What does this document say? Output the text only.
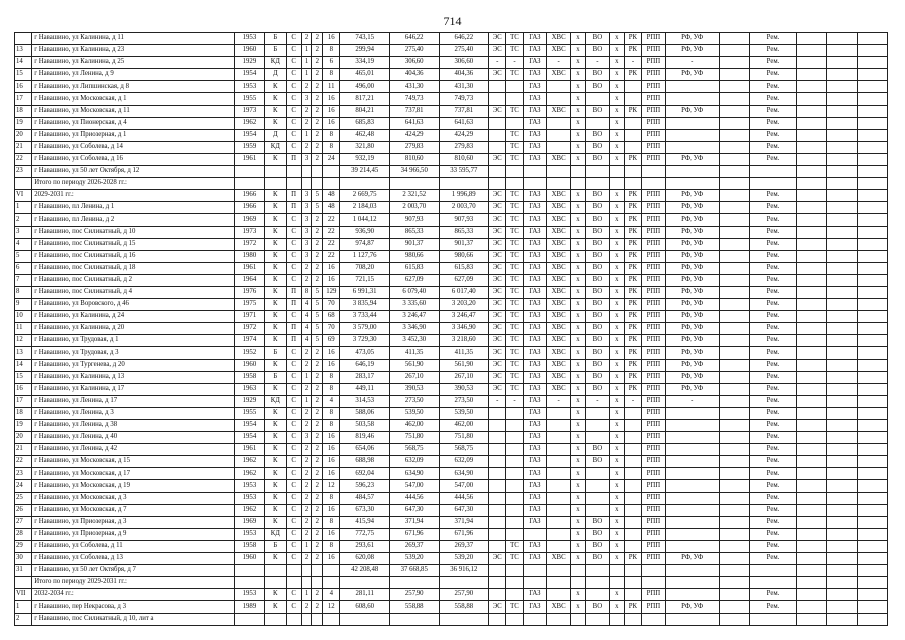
714
	г Навашино, ул Калинина, д 11	1953	Б	С	2	2	16	743,15	646,22	646,22	ЭС	ТС	ГАЗ	ХВС	х	ВО	х	РК	РПП	РФ, УФ		Рем.			
13	г Навашино, ул Калинина, д 23	1960	Б	С	1	2	8	299,94	275,40	275,40	ЭС	ТС	ГАЗ	ХВС	х	ВО	х	РК	РПП	РФ, УФ		Рем.			
14	г Навашино, ул Калинина, д 25	1929	КД	С	1	2	6	334,19	306,60	306,60	-	-	ГАЗ	-	х	-	х	-	РПП	-		Рем.			
15	г Навашино, ул Ленина, д 9	1954	Д	С	1	2	8	465,01	404,36	404,36	ЭС	ТС	ГАЗ	ХВС	х	ВО	х	РК	РПП	РФ, УФ		Рем.			
16	г Навашино, ул Липшинская, д 8	1953	К	С	2	2	11	496,00	431,30	431,30			ГАЗ		х	ВО	х		РПП			Рем.			
17	г Навашино, ул Московская, д 1	1955	К	С	3	2	16	817,21	749,73	749,73			ГАЗ		х		х		РПП			Рем.			
18	г Навашино, ул Московская, д 11	1973	К	С	2	2	16	804,21	737,81	737,81	ЭС	ТС	ГАЗ	ХВС	х	ВО	х	РК	РПП	РФ, УФ		Рем.			
19	г Навашино, ул Пионерская, д 4	1962	К	С	2	2	16	685,83	641,63	641,63			ГАЗ		х		х		РПП			Рем.			
20	г Навашино, ул Приозерная, д 1	1954	Д	С	1	2	8	462,48	424,29	424,29		ТС	ГАЗ		х	ВО	х		РПП			Рем.			
21	г Навашино, ул Соболева, д 14	1959	КД	С	2	2	8	321,80	279,83	279,83		ТС	ГАЗ		х	ВО	х		РПП			Рем.			
22	г Навашино, ул Соболева, д 16	1961	К	П	3	2	24	932,19	810,60	810,60	ЭС	ТС	ГАЗ	ХВС	х	ВО	х	РК	РПП	РФ, УФ		Рем.			
23	г Навашино, ул 50 лет Октября, д 12							39 214,45	34 966,50	33 595,77															
	Итого по периоду 2026-2028 гг.:																								
VI	2029-2031 гг.:	1966	К	П	3	5	48	2 669,75	2 321,52	1 996,89	ЭС	ТС	ГАЗ	ХВС	х	ВО	х	РК	РПП	РФ, УФ		Рем.			
1	г Навашино, пл Ленина, д 1	1966	К	П	3	5	48	2 184,03	2 003,70	2 003,70	ЭС	ТС	ГАЗ	ХВС	х	ВО	х	РК	РПП	РФ, УФ		Рем.			
2	г Навашино, пл Ленина, д 2	1969	К	С	3	2	22	1 044,12	907,93	907,93	ЭС	ТС	ГАЗ	ХВС	х	ВО	х	РК	РПП	РФ, УФ		Рем.			
3	г Навашино, пос Силикатный, д 10	1973	К	С	3	2	22	936,90	865,33	865,33	ЭС	ТС	ГАЗ	ХВС	х	ВО	х	РК	РПП	РФ, УФ		Рем.			
4	г Навашино, пос Силикатный, д 15	1972	К	С	3	2	22	974,87	901,37	901,37	ЭС	ТС	ГАЗ	ХВС	х	ВО	х	РК	РПП	РФ, УФ		Рем.			
5	г Навашино, пос Силикатный, д 16	1980	К	С	3	2	22	1 127,76	980,66	980,66	ЭС	ТС	ГАЗ	ХВС	х	ВО	х	РК	РПП	РФ, УФ		Рем.			
6	г Навашино, пос Силикатный, д 18	1961	К	С	2	2	16	708,20	615,83	615,83	ЭС	ТС	ГАЗ	ХВС	х	ВО	х	РК	РПП	РФ, УФ		Рем.			
7	г Навашино, пос Силикатный, д 2	1964	К	С	2	2	16	721,15	627,09	627,09	ЭС	ТС	ГАЗ	ХВС	х	ВО	х	РК	РПП	РФ, УФ		Рем.			
8	г Навашино, пос Силикатный, д 4	1976	К	П	8	5	129	6 991,31	6 079,40	6 017,40	ЭС	ТС	ГАЗ	ХВС	х	ВО	х	РК	РПП	РФ, УФ		Рем.			
9	г Навашино, ул Воровского, д 46	1975	К	П	4	5	70	3 835,94	3 335,60	3 203,20	ЭС	ТС	ГАЗ	ХВС	х	ВО	х	РК	РПП	РФ, УФ		Рем.			
10	г Навашино, ул Калинина, д 24	1971	К	С	4	5	68	3 733,44	3 246,47	3 246,47	ЭС	ТС	ГАЗ	ХВС	х	ВО	х	РК	РПП	РФ, УФ		Рем.			
11	г Навашино, ул Калинина, д 20	1972	К	П	4	5	70	3 579,00	3 346,90	3 346,90	ЭС	ТС	ГАЗ	ХВС	х	ВО	х	РК	РПП	РФ, УФ		Рем.			
12	г Навашино, ул Трудовая, д 1	1974	К	П	4	5	69	3 729,30	3 452,30	3 218,60	ЭС	ТС	ГАЗ	ХВС	х	ВО	х	РК	РПП	РФ, УФ		Рем.			
13	г Навашино, ул Трудовая, д 3	1952	Б	С	2	2	16	473,05	411,35	411,35	ЭС	ТС	ГАЗ	ХВС	х	ВО	х	РК	РПП	РФ, УФ		Рем.			
14	г Навашино, ул Тургенева, д 20	1960	К	С	2	2	16	646,19	561,90	561,90	ЭС	ТС	ГАЗ	ХВС	х	ВО	х	РК	РПП	РФ, УФ		Рем.			
15	г Навашино, ул Калинина, д 13	1958	Б	С	1	2	8	283,17	267,10	267,10	ЭС	ТС	ГАЗ	ХВС	х	ВО	х	РК	РПП	РФ, УФ		Рем.			
16	г Навашино, ул Калинина, д 17	1963	К	С	2	2	8	449,11	390,53	390,53	ЭС	ТС	ГАЗ	ХВС	х	ВО	х	РК	РПП	РФ, УФ		Рем.			
17	г Навашино, ул Ленина, д 17	1929	КД	С	1	2	4	314,53	273,50	273,50	-	-	ГАЗ	-	х	-	х	-	РПП	-		Рем.			
18	г Навашино, ул Ленина, д 3	1955	К	С	2	2	8	588,06	539,50	539,50			ГАЗ		х		х		РПП			Рем.			
19	г Навашино, ул Ленина, д 38	1954	К	С	2	2	8	503,58	462,00	462,00			ГАЗ		х		х		РПП			Рем.			
20	г Навашино, ул Ленина, д 40	1954	К	С	3	2	16	819,46	751,80	751,80			ГАЗ		х		х		РПП			Рем.			
21	г Навашино, ул Ленина, д 42	1961	К	С	2	2	16	654,06	568,75	568,75			ГАЗ		х	ВО	х		РПП			Рем.			
22	г Навашино, ул Московская, д 15	1962	К	С	2	2	16	688,98	632,09	632,09			ГАЗ		х	ВО	х		РПП			Рем.			
23	г Навашино, ул Московская, д 17	1962	К	С	2	2	16	692,04	634,90	634,90			ГАЗ		х		х		РПП			Рем.			
24	г Навашино, ул Московская, д 19	1953	К	С	2	2	12	596,23	547,00	547,00			ГАЗ		х		х		РПП			Рем.			
25	г Навашино, ул Московская, д 3	1953	К	С	2	2	8	484,57	444,56	444,56			ГАЗ		х		х		РПП			Рем.			
26	г Навашино, ул Московская, д 7	1962	К	С	2	2	16	673,30	647,30	647,30			ГАЗ		х		х		РПП			Рем.			
27	г Навашино, ул Приозерная, д 3	1969	К	С	2	2	8	415,94	371,94	371,94			ГАЗ		х	ВО	х		РПП			Рем.			
28	г Навашино, ул Приозерная, д 9	1953	КД	С	2	2	16	772,75	671,96	671,96					х	ВО	х		РПП			Рем.			
29	г Навашино, ул Соболева, д 11	1958	Б	С	1	2	8	293,61	269,37	269,37		ТС	ГАЗ		х	ВО	х		РПП			Рем.			
30	г Навашино, ул Соболева, д 13	1960	К	С	2	2	16	620,08	539,20	539,20	ЭС	ТС	ГАЗ	ХВС	х	ВО	х	РК	РПП	РФ, УФ		Рем.			
31	г Навашино, ул 50 лет Октября, д 7							42 208,48	37 668,85	36 916,12															
	Итого по периоду 2029-2031 гг.:																								
VII	2032-2034 гг.:	1953	К	С	1	2	4	281,11	257,90	257,90			ГАЗ		х		х		РПП			Рем.			
1	г Навашино, пер Некрасова, д 3	1989	К	С	2	2	12	608,60	558,88	558,88	ЭС	ТС	ГАЗ	ХВС	х	ВО	х	РК	РПП	РФ, УФ		Рем.			
2	г Навашино, пос Силикатный, д 10, лит а																								
